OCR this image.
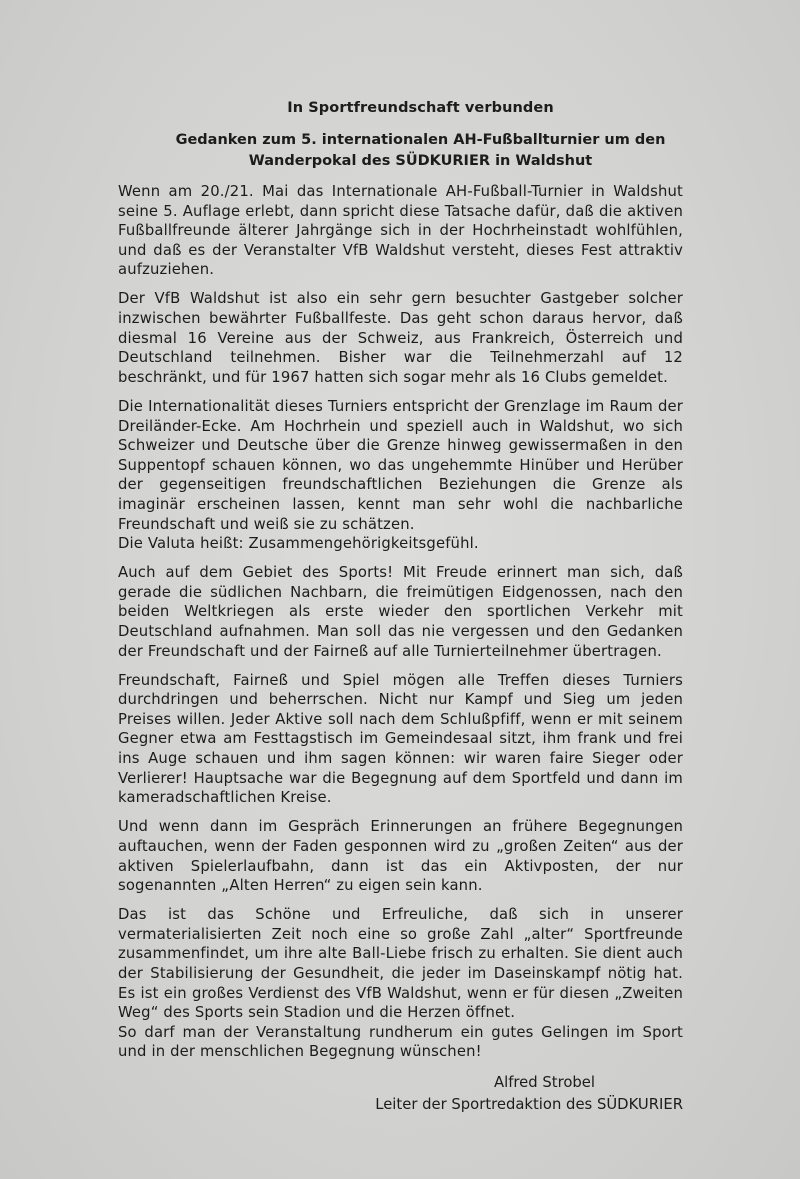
In Sportfreundschaft verbunden
Gedanken zum 5. internationalen AH-Fußballturnier um den
Wanderpokal des SÜDKURIER in Waldshut

Wenn am 20./21. Mai das Internationale AH-Fußball-Turnier in Waldshut seine 5. Auflage erlebt, dann spricht diese Tatsache dafür, daß die aktiven Fußballfreunde älterer Jahrgänge sich in der Hochrheinstadt wohlfühlen, und daß es der Veranstalter VfB Waldshut versteht, dieses Fest attraktiv aufzuziehen.

Der VfB Waldshut ist also ein sehr gern besuchter Gastgeber solcher inzwischen bewährter Fußballfeste. Das geht schon daraus hervor, daß diesmal 16 Vereine aus der Schweiz, aus Frankreich, Österreich und Deutschland teilnehmen. Bisher war die Teilnehmerzahl auf 12 beschränkt, und für 1967 hatten sich sogar mehr als 16 Clubs gemeldet.

Die Internationalität dieses Turniers entspricht der Grenzlage im Raum der Dreiländer-Ecke. Am Hochrhein und speziell auch in Waldshut, wo sich Schweizer und Deutsche über die Grenze hinweg gewissermaßen in den Suppentopf schauen können, wo das ungehemmte Hinüber und Herüber der gegenseitigen freundschaftlichen Beziehungen die Grenze als imaginär erscheinen lassen, kennt man sehr wohl die nachbarliche Freundschaft und weiß sie zu schätzen.

Die Valuta heißt: Zusammengehörigkeitsgefühl.

Auch auf dem Gebiet des Sports! Mit Freude erinnert man sich, daß gerade die südlichen Nachbarn, die freimütigen Eidgenossen, nach den beiden Weltkriegen als erste wieder den sportlichen Verkehr mit Deutschland aufnahmen. Man soll das nie vergessen und den Gedanken der Freundschaft und der Fairneß auf alle Turnierteilnehmer übertragen.

Freundschaft, Fairneß und Spiel mögen alle Treffen dieses Turniers durchdringen und beherrschen. Nicht nur Kampf und Sieg um jeden Preises willen. Jeder Aktive soll nach dem Schlußpfiff, wenn er mit seinem Gegner etwa am Festtagstisch im Gemeindesaal sitzt, ihm frank und frei ins Auge schauen und ihm sagen können: wir waren faire Sieger oder Verlierer! Hauptsache war die Begegnung auf dem Sportfeld und dann im kameradschaftlichen Kreise.

Und wenn dann im Gespräch Erinnerungen an frühere Begegnungen auftauchen, wenn der Faden gesponnen wird zu „großen Zeiten“ aus der aktiven Spielerlaufbahn, dann ist das ein Aktivposten, der nur sogenannten „Alten Herren“ zu eigen sein kann.

Das ist das Schöne und Erfreuliche, daß sich in unserer vermaterialisierten Zeit noch eine so große Zahl „alter“ Sportfreunde zusammenfindet, um ihre alte Ball-Liebe frisch zu erhalten. Sie dient auch der Stabilisierung der Gesundheit, die jeder im Daseinskampf nötig hat. Es ist ein großes Verdienst des VfB Waldshut, wenn er für diesen „Zweiten Weg“ des Sports sein Stadion und die Herzen öffnet.

So darf man der Veranstaltung rundherum ein gutes Gelingen im Sport und in der menschlichen Begegnung wünschen!

Alfred Strobel
Leiter der Sportredaktion des SÜDKURIER
